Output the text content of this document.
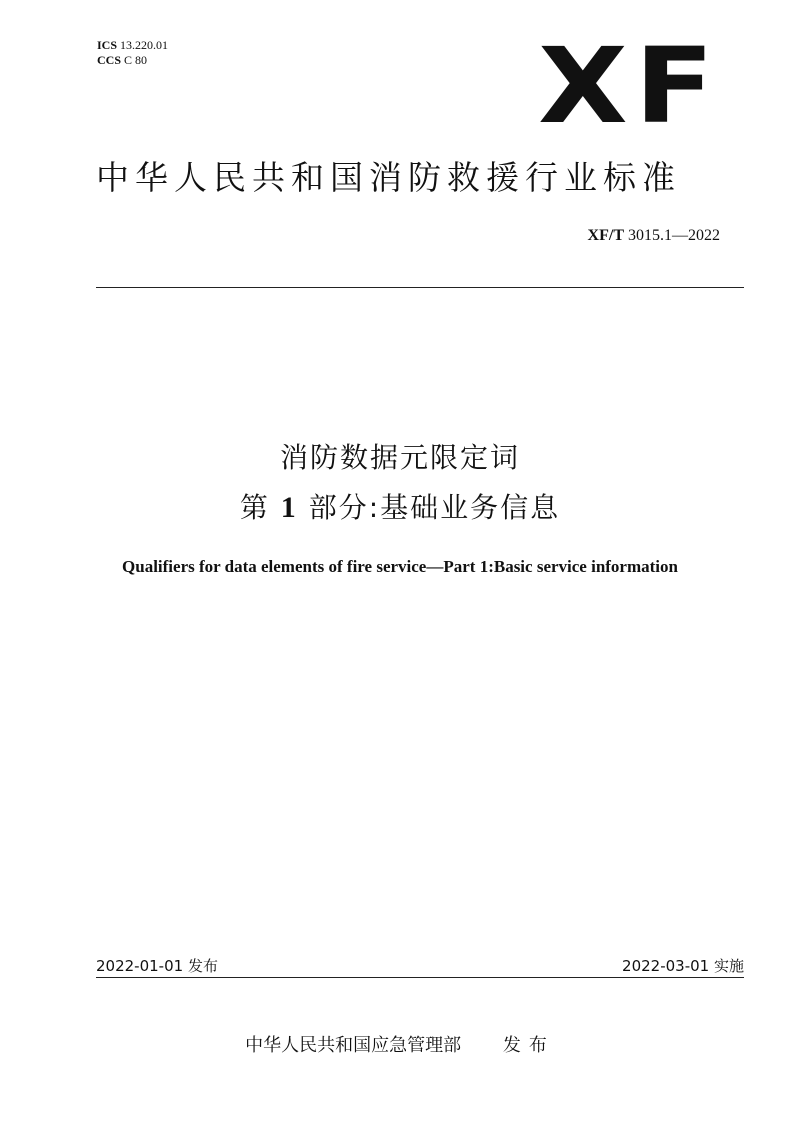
ICS 13.220.01
CCS C 80	XF
中华人民共和国消防救援行业标准
XF/T 3015.1—2022
消防数据元限定词
第 1 部分:基础业务信息
Qualifiers for data elements of fire service—Part 1:Basic service information
2022-01-01 发布	2022-03-01 实施
中华人民共和国应急管理部 发布
